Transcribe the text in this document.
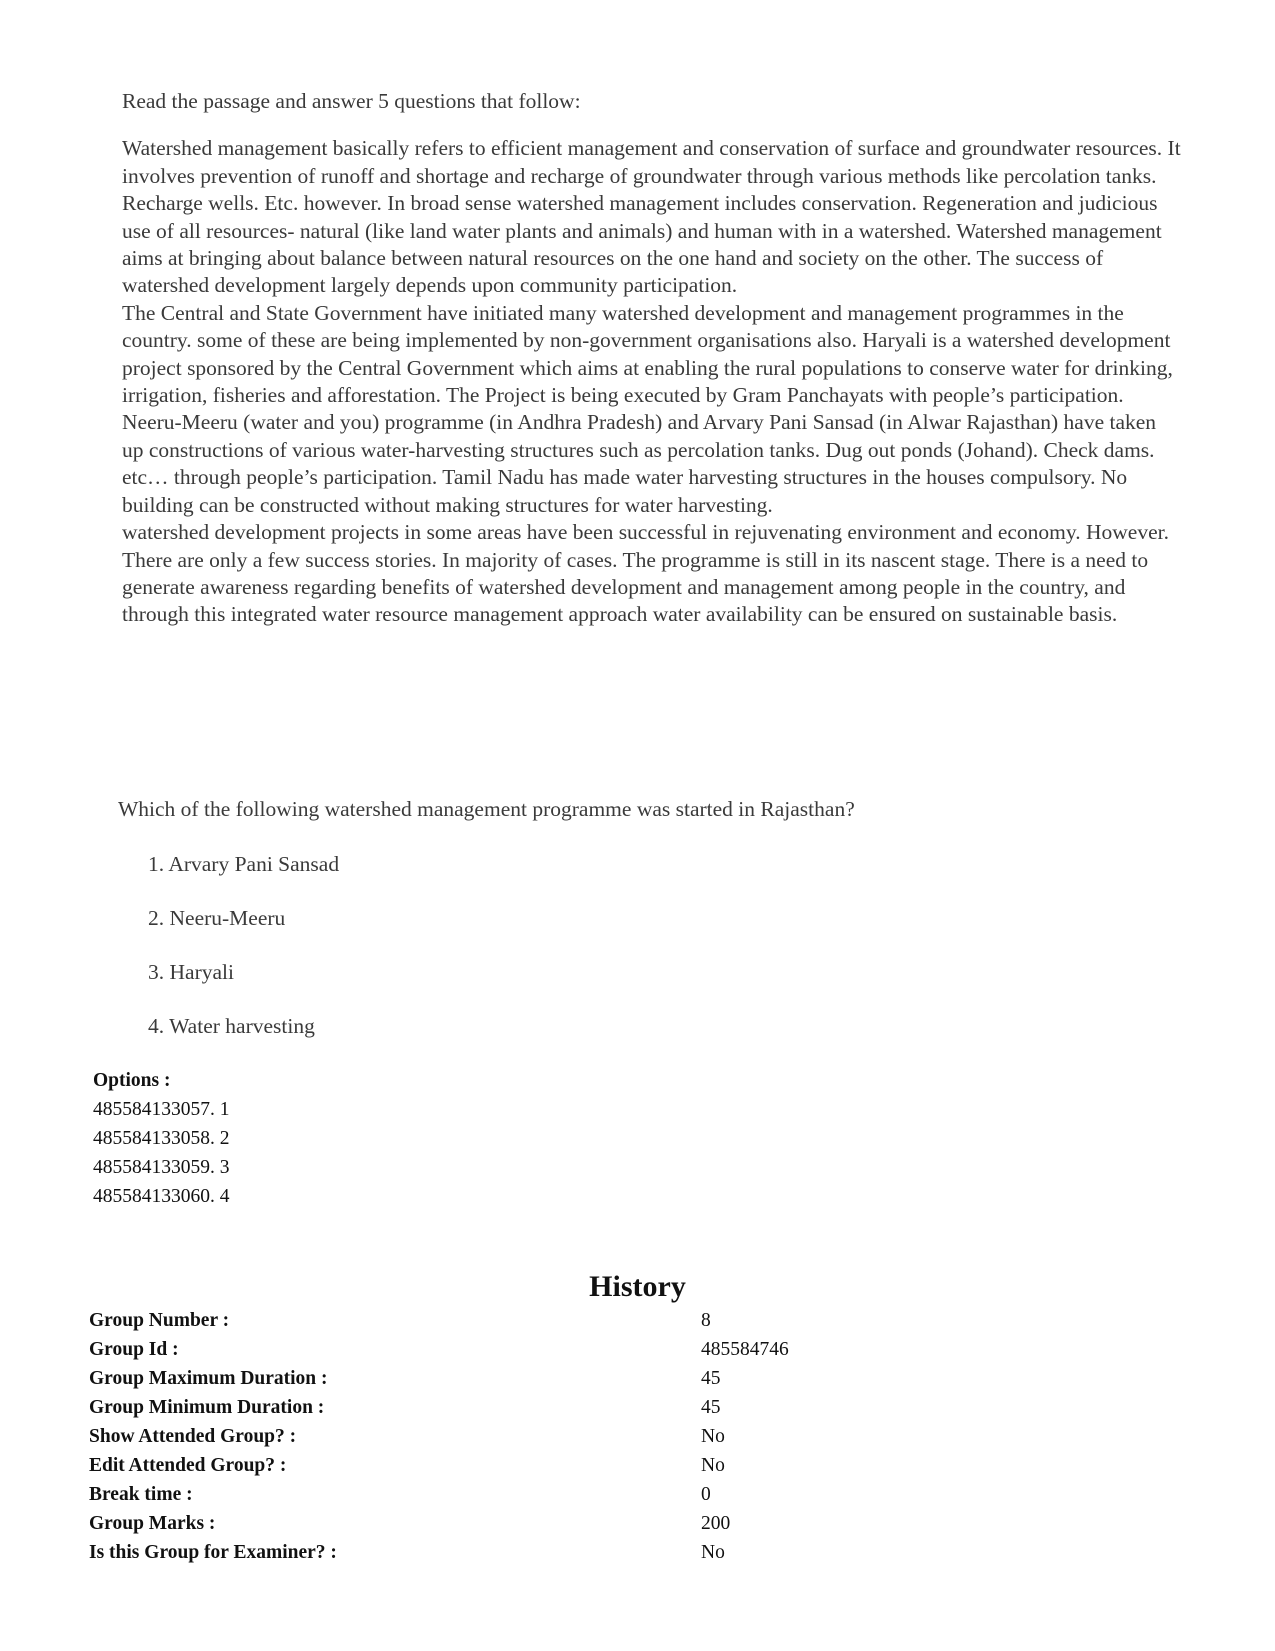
Read the passage and answer 5 questions that follow:

Watershed management basically refers to efficient management and conservation of surface and groundwater resources. It involves prevention of runoff and shortage and recharge of groundwater through various methods like percolation tanks. Recharge wells. Etc. however. In broad sense watershed management includes conservation. Regeneration and judicious use of all resources- natural (like land water plants and animals) and human with in a watershed. Watershed management aims at bringing about balance between natural resources on the one hand and society on the other. The success of watershed development largely depends upon community participation.

The Central and State Government have initiated many watershed development and management programmes in the country. some of these are being implemented by non-government organisations also. Haryali is a watershed development project sponsored by the Central Government which aims at enabling the rural populations to conserve water for drinking, irrigation, fisheries and afforestation. The Project is being executed by Gram Panchayats with people’s participation. Neeru-Meeru (water and you) programme (in Andhra Pradesh) and Arvary Pani Sansad (in Alwar Rajasthan) have taken up constructions of various water-harvesting structures such as percolation tanks. Dug out ponds (Johand). Check dams. etc… through people’s participation. Tamil Nadu has made water harvesting structures in the houses compulsory. No building can be constructed without making structures for water harvesting.

watershed development projects in some areas have been successful in rejuvenating environment and economy. However. There are only a few success stories. In majority of cases. The programme is still in its nascent stage. There is a need to generate awareness regarding benefits of watershed development and management among people in the country, and through this integrated water resource management approach water availability can be ensured on sustainable basis.

Which of the following watershed management programme was started in Rajasthan?
1. Arvary Pani Sansad
2. Neeru-Meeru
3. Haryali
4. Water harvesting
Options :
485584133057. 1
485584133058. 2
485584133059. 3
485584133060. 4
History
Group Number :	8
Group Id :	485584746
Group Maximum Duration :	45
Group Minimum Duration :	45
Show Attended Group? :	No
Edit Attended Group? :	No
Break time :	0
Group Marks :	200
Is this Group for Examiner? :	No
